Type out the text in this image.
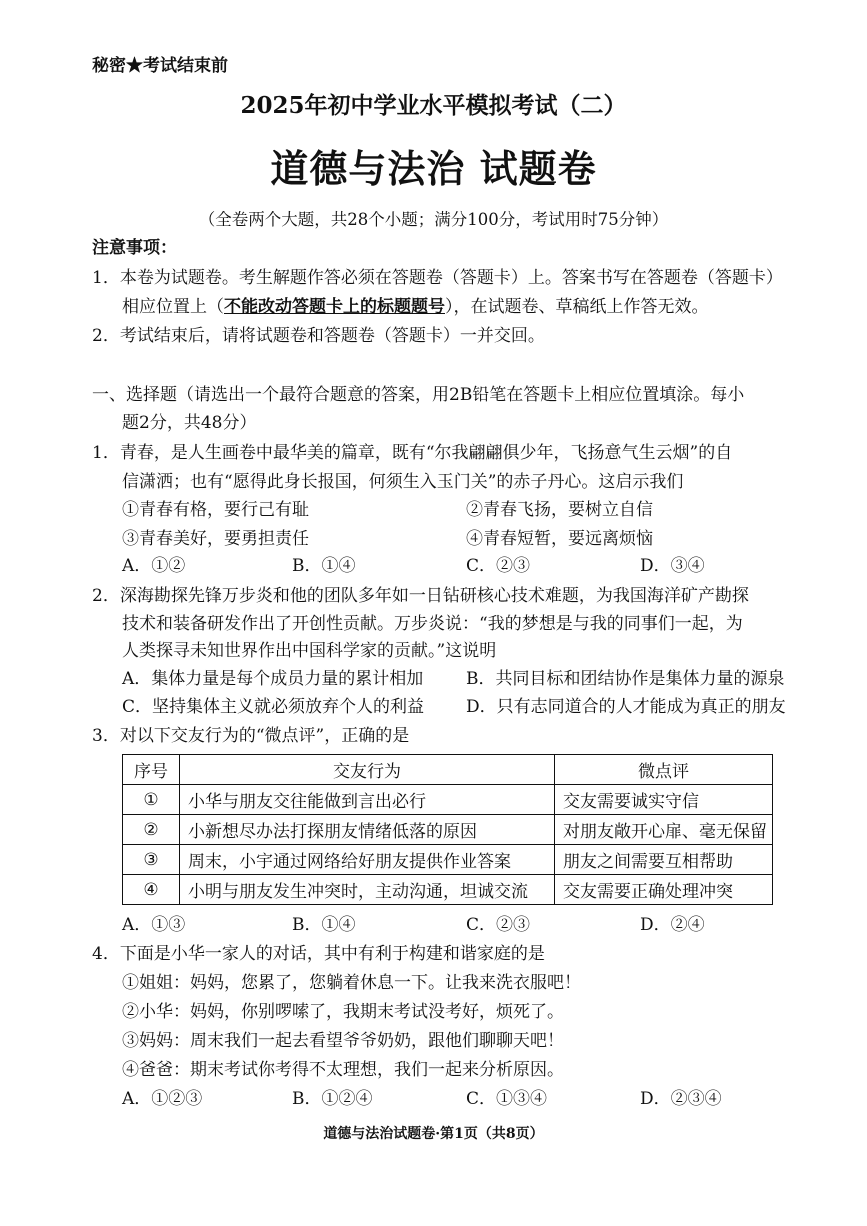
秘密★考试结束前
2025年初中学业水平模拟考试（二）
道德与法治 试题卷
（全卷两个大题，共28个小题；满分100分，考试用时75分钟）
注意事项：
1．本卷为试题卷。考生解题作答必须在答题卷（答题卡）上。答案书写在答题卷（答题卡）
相应位置上（不能改动答题卡上的标题题号），在试题卷、草稿纸上作答无效。
2．考试结束后，请将试题卷和答题卷（答题卡）一并交回。
一、选择题（请选出一个最符合题意的答案，用2B铅笔在答题卡上相应位置填涂。每小
题2分，共48分）
1．青春，是人生画卷中最华美的篇章，既有“尔我翩翩俱少年，飞扬意气生云烟”的自
信潇洒；也有“愿得此身长报国，何须生入玉门关”的赤子丹心。这启示我们
①青春有格，要行己有耻	②青春飞扬，要树立自信
③青春美好，要勇担责任	④青春短暂，要远离烦恼
A．①②	B．①④	C．②③	D．③④
2．深海勘探先锋万步炎和他的团队多年如一日钻研核心技术难题，为我国海洋矿产勘探
技术和装备研发作出了开创性贡献。万步炎说：“我的梦想是与我的同事们一起，为
人类探寻未知世界作出中国科学家的贡献。”这说明
A．集体力量是每个成员力量的累计相加	B．共同目标和团结协作是集体力量的源泉
C．坚持集体主义就必须放弃个人的利益 D．只有志同道合的人才能成为真正的朋友
3．对以下交友行为的“微点评”，正确的是
序号	交友行为	微点评
①	小华与朋友交往能做到言出必行	交友需要诚实守信
②	小新想尽办法打探朋友情绪低落的原因	对朋友敞开心扉、毫无保留
③	周末，小宇通过网络给好朋友提供作业答案	朋友之间需要互相帮助
④	小明与朋友发生冲突时，主动沟通，坦诚交流	交友需要正确处理冲突
A．①③	B．①④	C．②③	D．②④
4．下面是小华一家人的对话，其中有利于构建和谐家庭的是
①姐姐：妈妈，您累了，您躺着休息一下。让我来洗衣服吧！
②小华：妈妈，你别啰嗦了，我期末考试没考好，烦死了。
③妈妈：周末我们一起去看望爷爷奶奶，跟他们聊聊天吧！
④爸爸：期末考试你考得不太理想，我们一起来分析原因。
A．①②③	B．①②④	C．①③④	D．②③④
道德与法治试题卷·第1页（共8页）
